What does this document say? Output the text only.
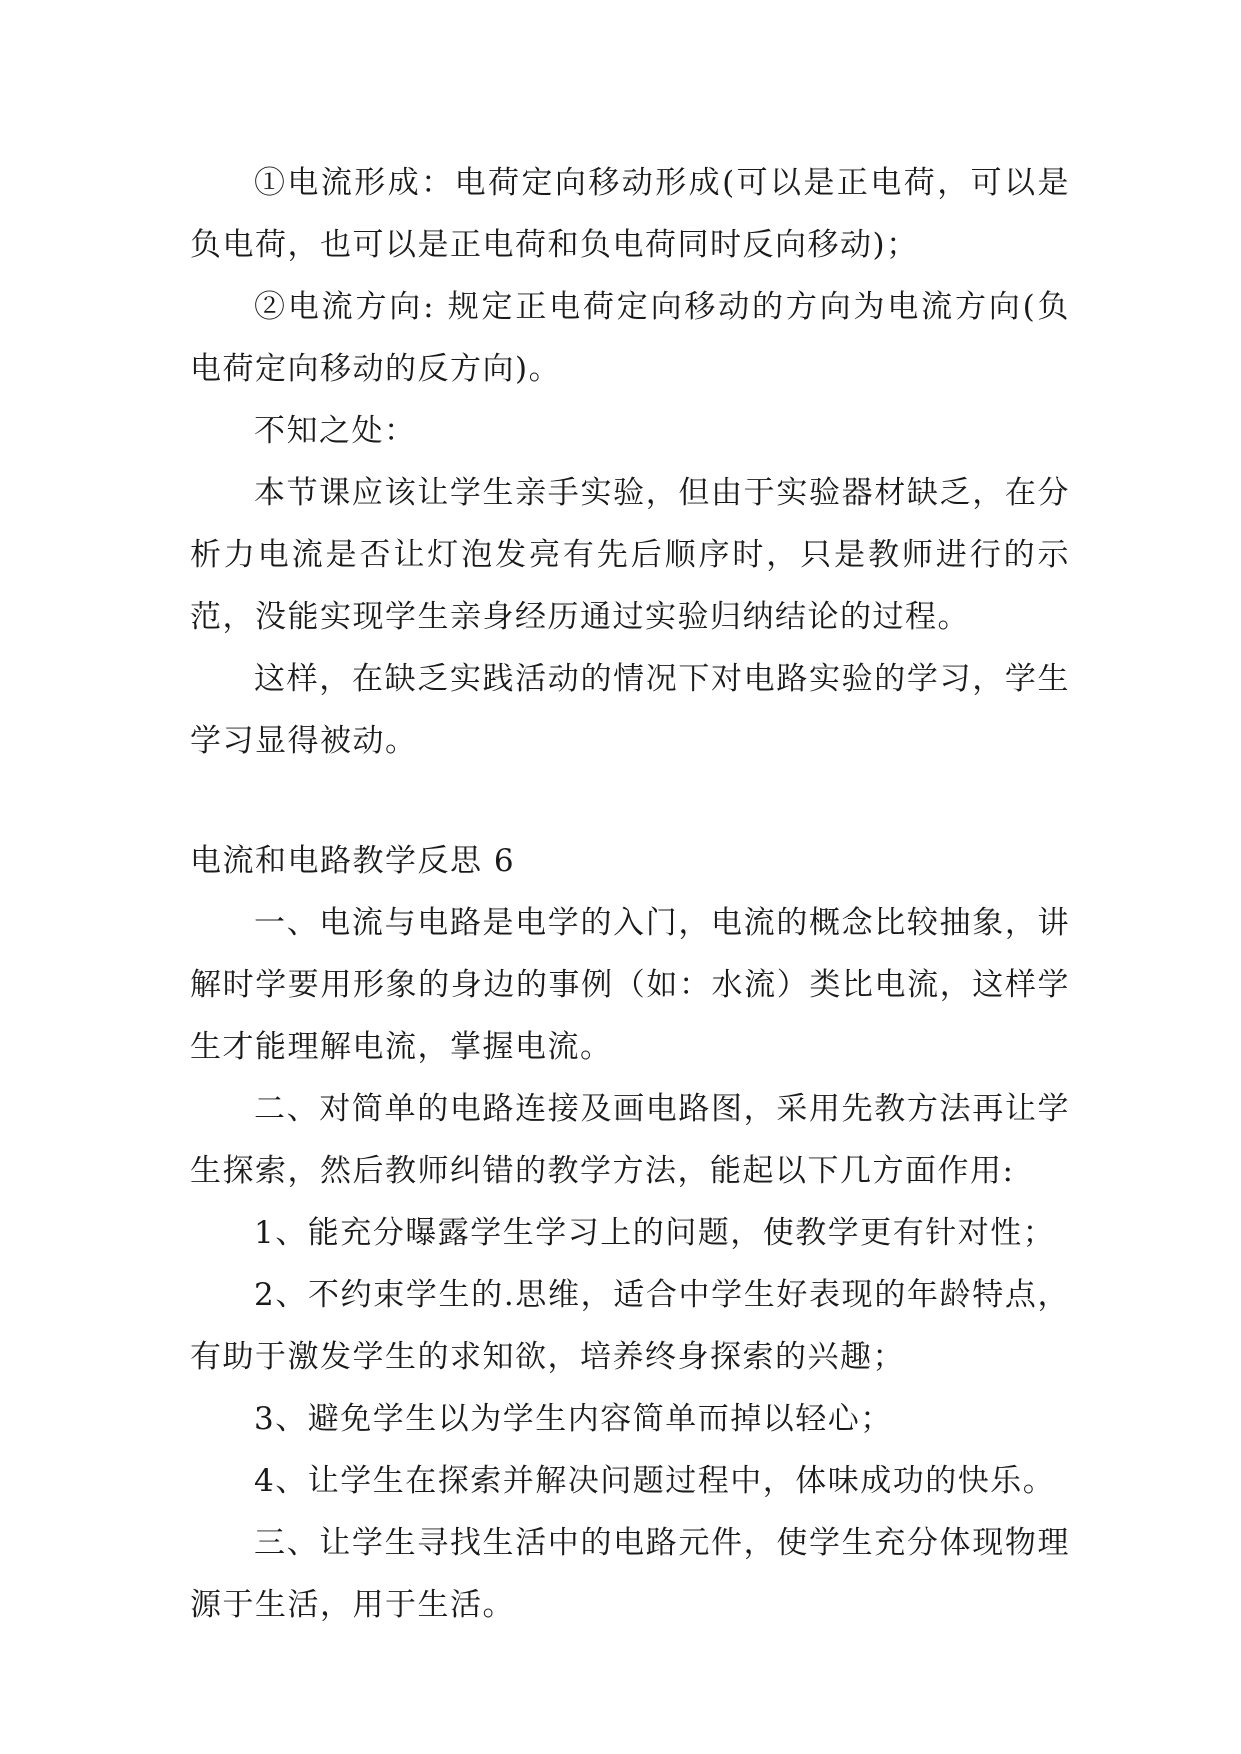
①电流形成：电荷定向移动形成(可以是正电荷，可以是负电荷，也可以是正电荷和负电荷同时反向移动)；

②电流方向: 规定正电荷定向移动的方向为电流方向(负电荷定向移动的反方向)。

不知之处：

本节课应该让学生亲手实验，但由于实验器材缺乏，在分析力电流是否让灯泡发亮有先后顺序时，只是教师进行的示范，没能实现学生亲身经历通过实验归纳结论的过程。

这样，在缺乏实践活动的情况下对电路实验的学习，学生学习显得被动。

电流和电路教学反思 6

一、电流与电路是电学的入门，电流的概念比较抽象，讲解时学要用形象的身边的事例（如：水流）类比电流，这样学生才能理解电流，掌握电流。

二、对简单的电路连接及画电路图，采用先教方法再让学生探索，然后教师纠错的教学方法，能起以下几方面作用:

1、能充分曝露学生学习上的问题，使教学更有针对性；

2、不约束学生的.思维，适合中学生好表现的年龄特点，有助于激发学生的求知欲，培养终身探索的兴趣；

3、避免学生以为学生内容简单而掉以轻心；

4、让学生在探索并解决问题过程中，体味成功的快乐。

三、让学生寻找生活中的电路元件，使学生充分体现物理源于生活，用于生活。
